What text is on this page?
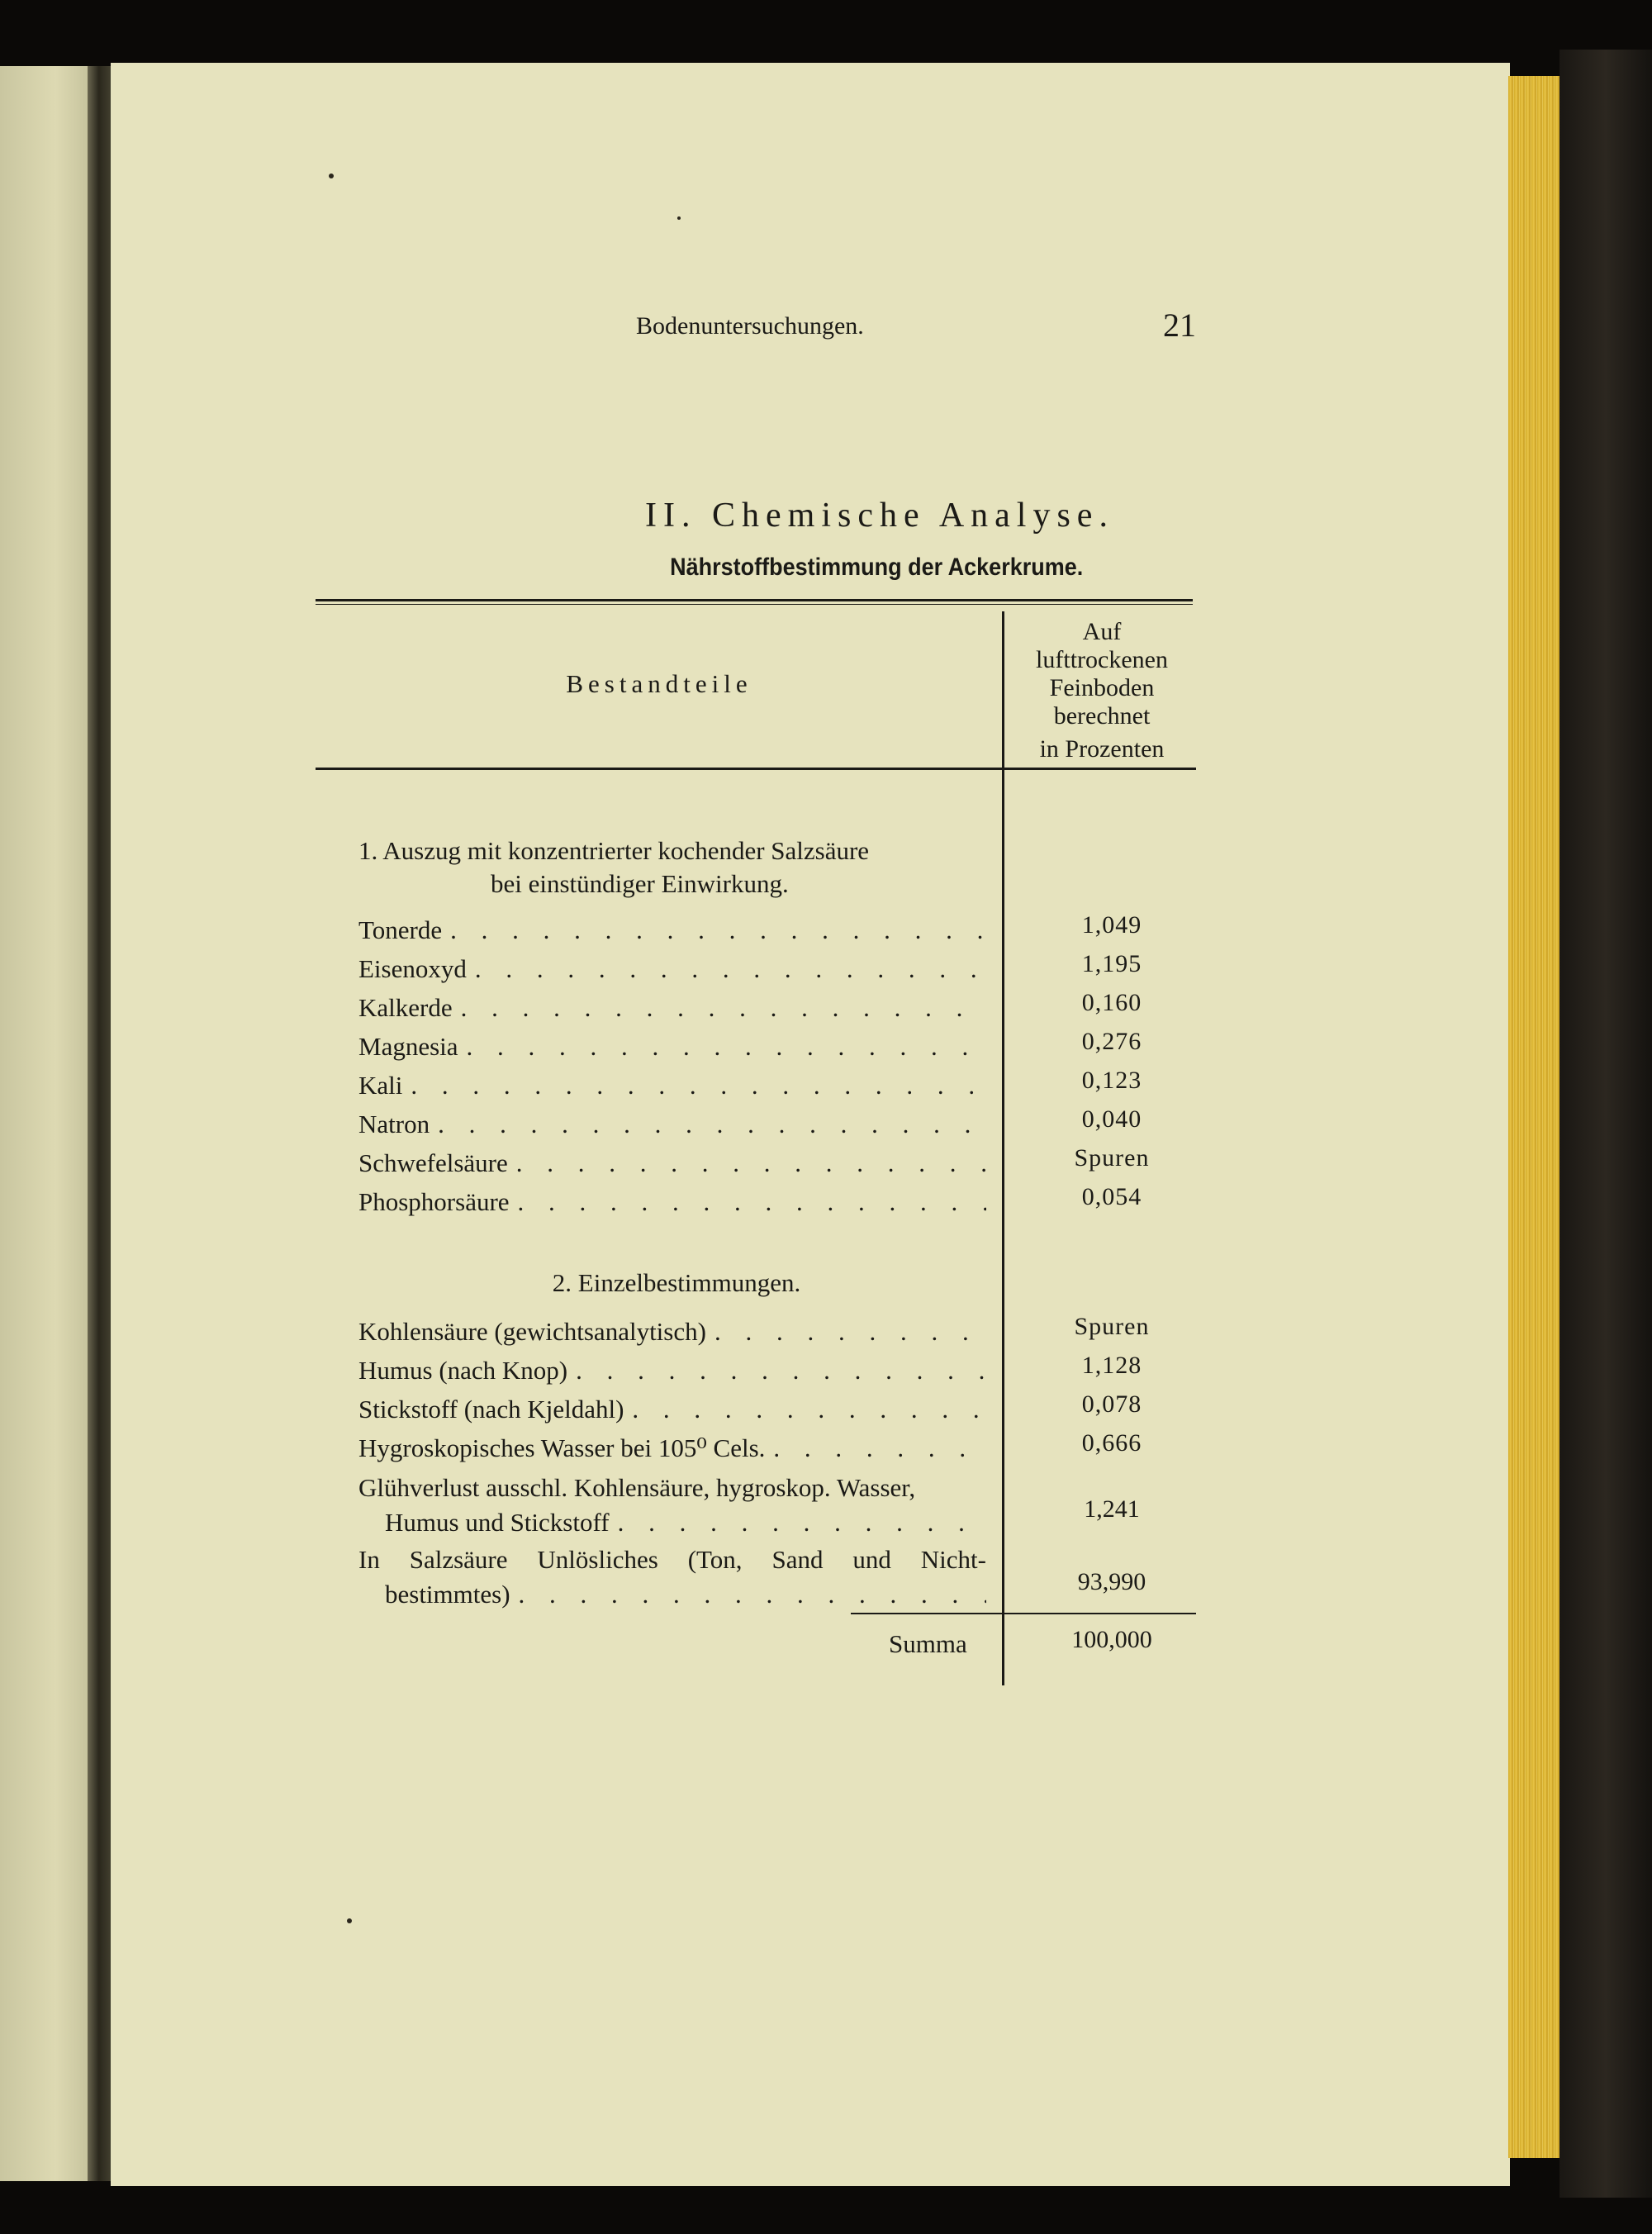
Bodenuntersuchungen.	21
II. Chemische Analyse.
Nährstoffbestimmung der Ackerkrume.
Bestandteile
Auf
lufttrockenen
Feinboden
berechnet
in Prozenten
1. Auszug mit konzentrierter kochender Salzsäure
bei einstündiger Einwirkung.
Tonerde . . .	1,049
Eisenoxyd . . .	1,195
Kalkerde . . .	0,160
Magnesia . . .	0,276
Kali . . .	0,123
Natron . . .	0,040
Schwefelsäure . . .	Spuren
Phosphorsäure . . .	0,054
2. Einzelbestimmungen.
Kohlensäure (gewichtsanalytisch) . . .	Spuren
Humus (nach Knop) . . .	1,128
Stickstoff (nach Kjeldahl) . . .	0,078
Hygroskopisches Wasser bei 105⁰ Cels. . . .	0,666
Glühverlust ausschl. Kohlensäure, hygroskop. Wasser,
Humus und Stickstoff . . .	1,241
In Salzsäure Unlösliches (Ton, Sand und Nicht-
bestimmtes) . . .	93,990
Summa	100,000
